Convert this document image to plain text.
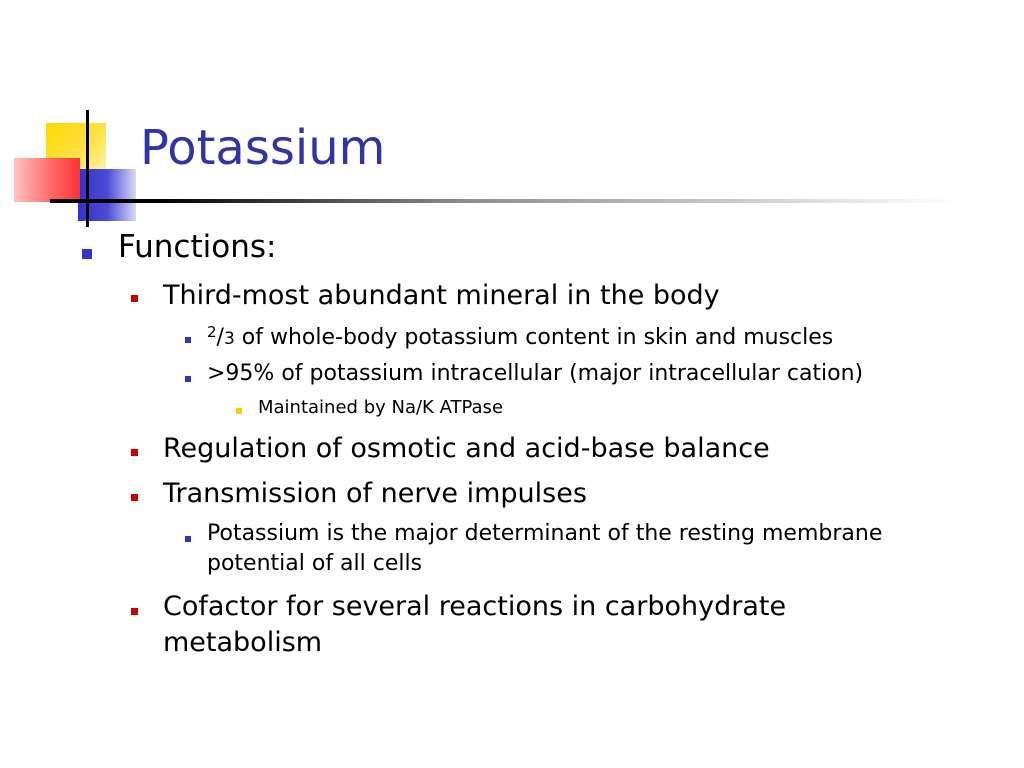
Potassium
Functions:
Third-most abundant mineral in the body
$^2$/3 of whole-body potassium content in skin and muscles
>95% of potassium intracellular (major intracellular cation)
Maintained by Na/K ATPase
Regulation of osmotic and acid-base balance
Transmission of nerve impulses
Potassium is the major determinant of the resting membrane
potential of all cells
Cofactor for several reactions in carbohydrate
metabolism
